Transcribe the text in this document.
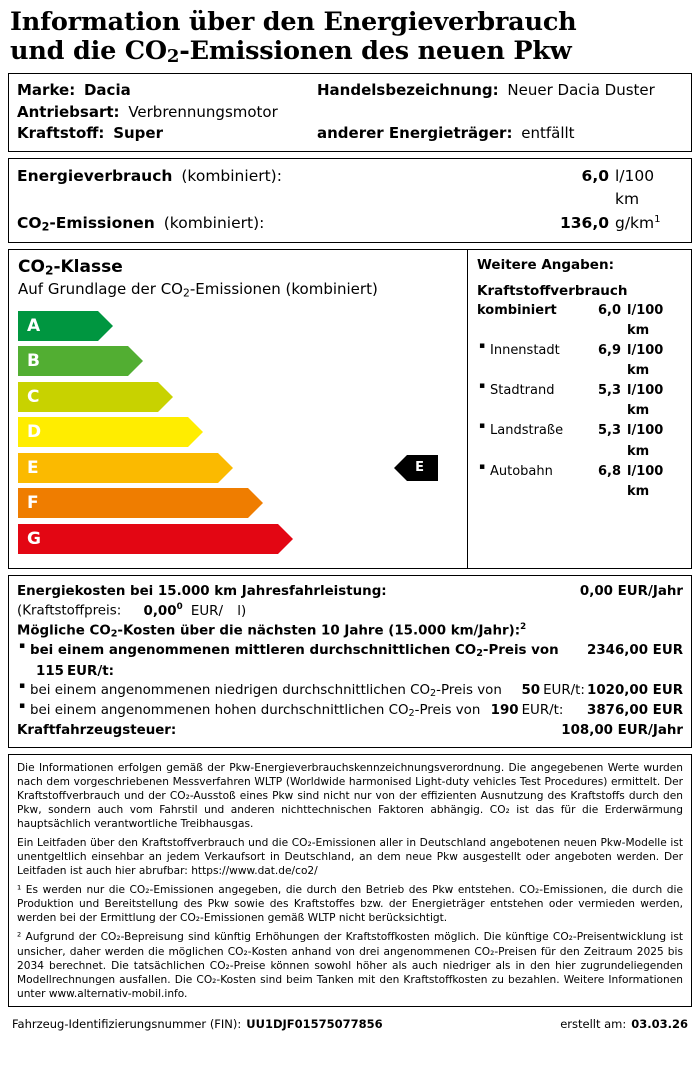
Information über den Energieverbrauch
und die CO2-Emissionen des neuen Pkw
Marke: Dacia	Handelsbezeichnung: Neuer Dacia Duster
Antriebsart: Verbrennungsmotor
Kraftstoff: Super	anderer Energieträger: entfällt
Energieverbrauch (kombiniert):	6,0 l/100 km
CO2-Emissionen (kombiniert):	136,0 $g/km^1$
CO2-Klasse
Auf Grundlage der CO2-Emissionen (kombiniert)
A
B
C
D
E	E
F
G
Weitere Angaben:
Kraftstoffverbrauch
kombiniert	6,0 l/100 km
▪ Innenstadt	6,9 l/100 km
▪ Stadtrand	5,3 l/100 km
▪ Landstraße	5,3 l/100 km
▪ Autobahn	6,8 l/100 km
Energiekosten bei 15.000 km Jahresfahrleistung:	0,00 EUR/Jahr
(Kraftstoffpreis: 0,00$^0$ EUR/ l)
Mögliche CO2-Kosten über die nächsten 10 Jahre (15.000 km/Jahr):$^2$
▪ bei einem angenommenen mittleren durchschnittlichen CO2-Preis von 115 EUR/t:
2346,00 EUR
▪ bei einem angenommenen niedrigen durchschnittlichen CO2-Preis von 50 EUR/t: 1020,00 EUR
▪ bei einem angenommenen hohen durchschnittlichen CO2-Preis von 190 EUR/t:	3876,00 EUR
Kraftfahrzeugsteuer:	108,00 EUR/Jahr

Die Informationen erfolgen gemäß der Pkw-Energieverbrauchskennzeichnungsverordnung. Die angegebenen Werte wurden nach dem vorgeschriebenen Messverfahren WLTP (Worldwide harmonised Light-duty vehicles Test Procedures) ermittelt. Der Kraftstoffverbrauch und der CO₂-Ausstoß eines Pkw sind nicht nur von der effizienten Ausnutzung des Kraftstoffs durch den Pkw, sondern auch vom Fahrstil und anderen nichttechnischen Faktoren abhängig. CO₂ ist das für die Erderwärmung hauptsächlich verantwortliche Treibhausgas.

Ein Leitfaden über den Kraftstoffverbrauch und die CO₂-Emissionen aller in Deutschland angebotenen neuen Pkw-Modelle ist unentgeltlich einsehbar an jedem Verkaufsort in Deutschland, an dem neue Pkw ausgestellt oder angeboten werden. Der Leitfaden ist auch hier abrufbar: https://www.dat.de/co2/

¹ Es werden nur die CO₂-Emissionen angegeben, die durch den Betrieb des Pkw entstehen. CO₂-Emissionen, die durch die Produktion und Bereitstellung des Pkw sowie des Kraftstoffes bzw. der Energieträger entstehen oder vermieden werden, werden bei der Ermittlung der CO₂-Emissionen gemäß WLTP nicht berücksichtigt.

² Aufgrund der CO₂-Bepreisung sind künftig Erhöhungen der Kraftstoffkosten möglich. Die künftige CO₂-Preisentwicklung ist unsicher, daher werden die möglichen CO₂-Kosten anhand von drei angenommenen CO₂-Preisen für den Zeitraum 2025 bis 2034 berechnet. Die tatsächlichen CO₂-Preise können sowohl höher als auch niedriger als in den hier zugrundeliegenden Modellrechnungen ausfallen. Die CO₂-Kosten sind beim Tanken mit den Kraftstoffkosten zu bezahlen. Weitere Informationen unter www.alternativ-mobil.info.

Fahrzeug-Identifizierungsnummer (FIN): UU1DJF01575077856	erstellt am: 03.03.26
